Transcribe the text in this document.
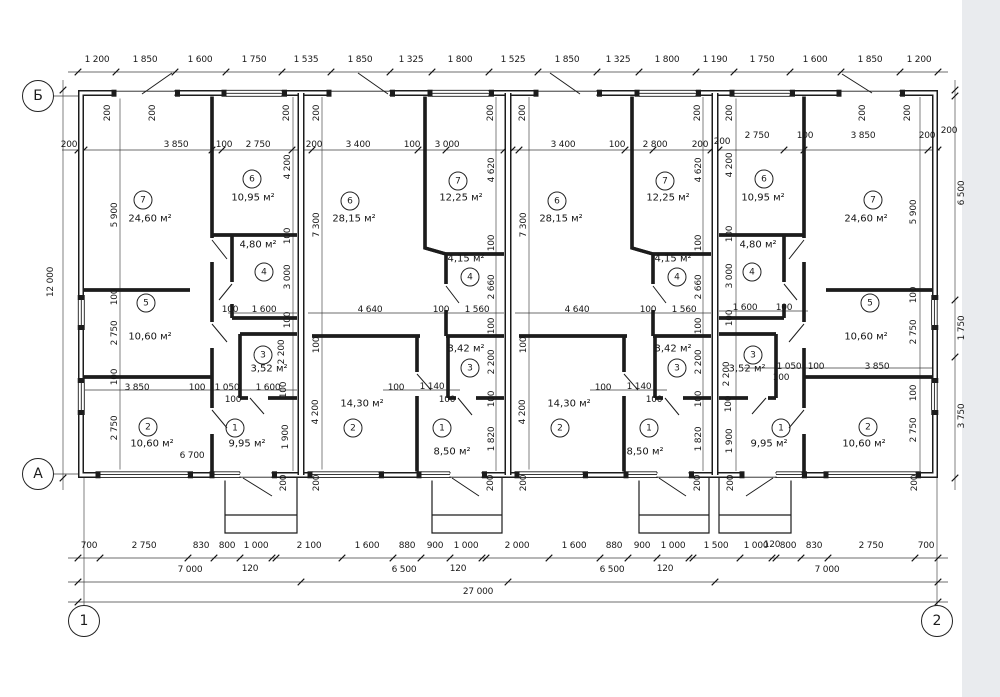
1 200	1 850	1 600	1 750	1 535	1 850	1 325	1 800	1 525	1 850	1 325	1 800	1 190 1 750	1 600	1 850	1 200
700	2 750	830 800 1 000	2 100	1 600 880 900 1 000	2 000	1 600 880 900 1 000 1 500 1 000 800 830	2 750	700
120	120	120
120
7 000	6 500	6 500	7 000
27 000
12 000
200
200
6 500
1 750
3 750
3 850	100 2 750	200	3 400	100 3 000	3 400	100 2 800	200
2 750	100	3 850	200
200
200	200	200 200	200 200	200 200	200	200
200	200	200	200	200	200	200
5 900
100
2 750
100
2 750
4 200
100
3 000
100
2 200
100
1 900
100 1 600
3 850	100 1 050 1 600
100
6 700
7 300
100
4 200
4 620
100
2 660
100
2 200
100
1 820
4 640	100 1 560
100 1 140
100
7 300
100
4 200
4 620
100
2 660
100
2 200
100
1 820
4 640	100 1 560
100 1 140
100
4 200
100
3 000
100
2 200
100
1 900
5 900
100
2 750
100
2 750
1 600 100
1 050 100	3 850
100
7
24,60 м²
6
10,95 м²
4
4,80 м²
5
10,60 м²
3
3,52 м²
2
10,60 м²
1
9,95 м²
6
28,15 м²
7
12,25 м²
4
4,15 м²
3
3,42 м²
2
14,30 м²
1
8,50 м²
6
28,15 м²
7
12,25 м²
4
4,15 м²
3
3,42 м²
2
14,30 м²
1
8,50 м²
6
10,95 м²	7
24,60 м²
4
4,80 м²
5
10,60 м²
3
3,52 м²
2
10,60 м²
1
9,95 м²
Б
А
1	2
